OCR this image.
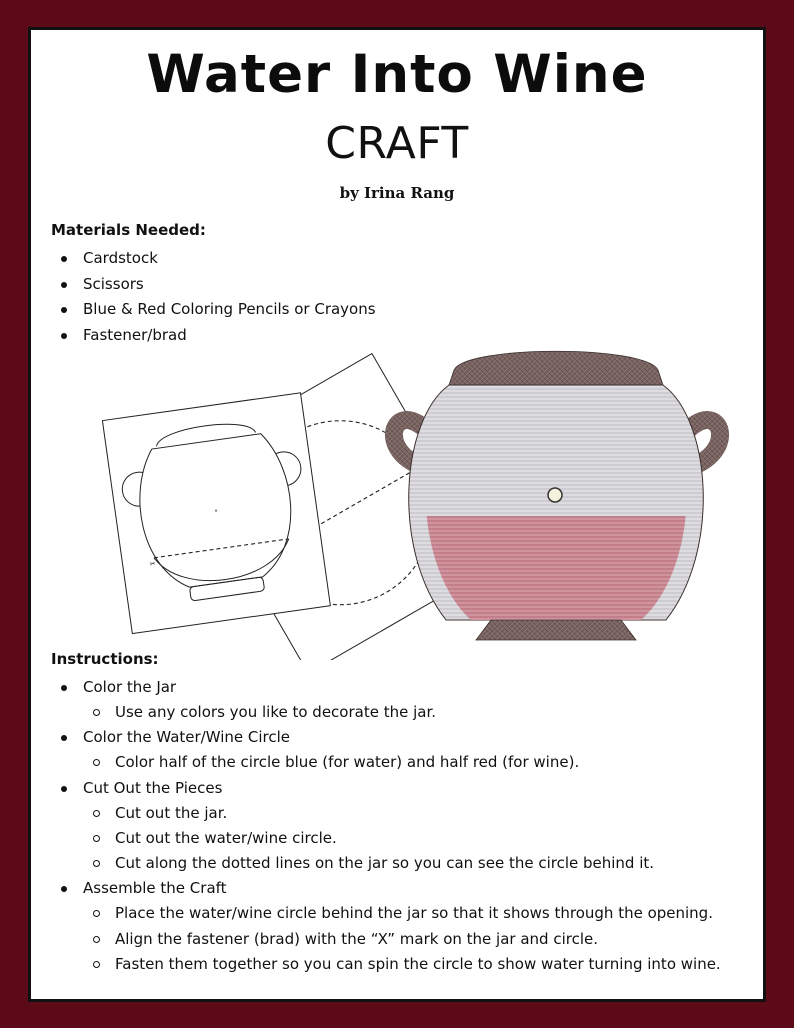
Water Into Wine
CRAFT
by Irina Rang
Materials Needed:
Cardstock
Scissors
Blue & Red Coloring Pencils or Crayons
Fastener/brad
✂
Instructions:
Color the Jar
Use any colors you like to decorate the jar.
Color the Water/Wine Circle
Color half of the circle blue (for water) and half red (for wine).
Cut Out the Pieces
Cut out the jar.
Cut out the water/wine circle.
Cut along the dotted lines on the jar so you can see the circle behind it.
Assemble the Craft
Place the water/wine circle behind the jar so that it shows through the opening.
Align the fastener (brad) with the “X” mark on the jar and circle.
Fasten them together so you can spin the circle to show water turning into wine.
